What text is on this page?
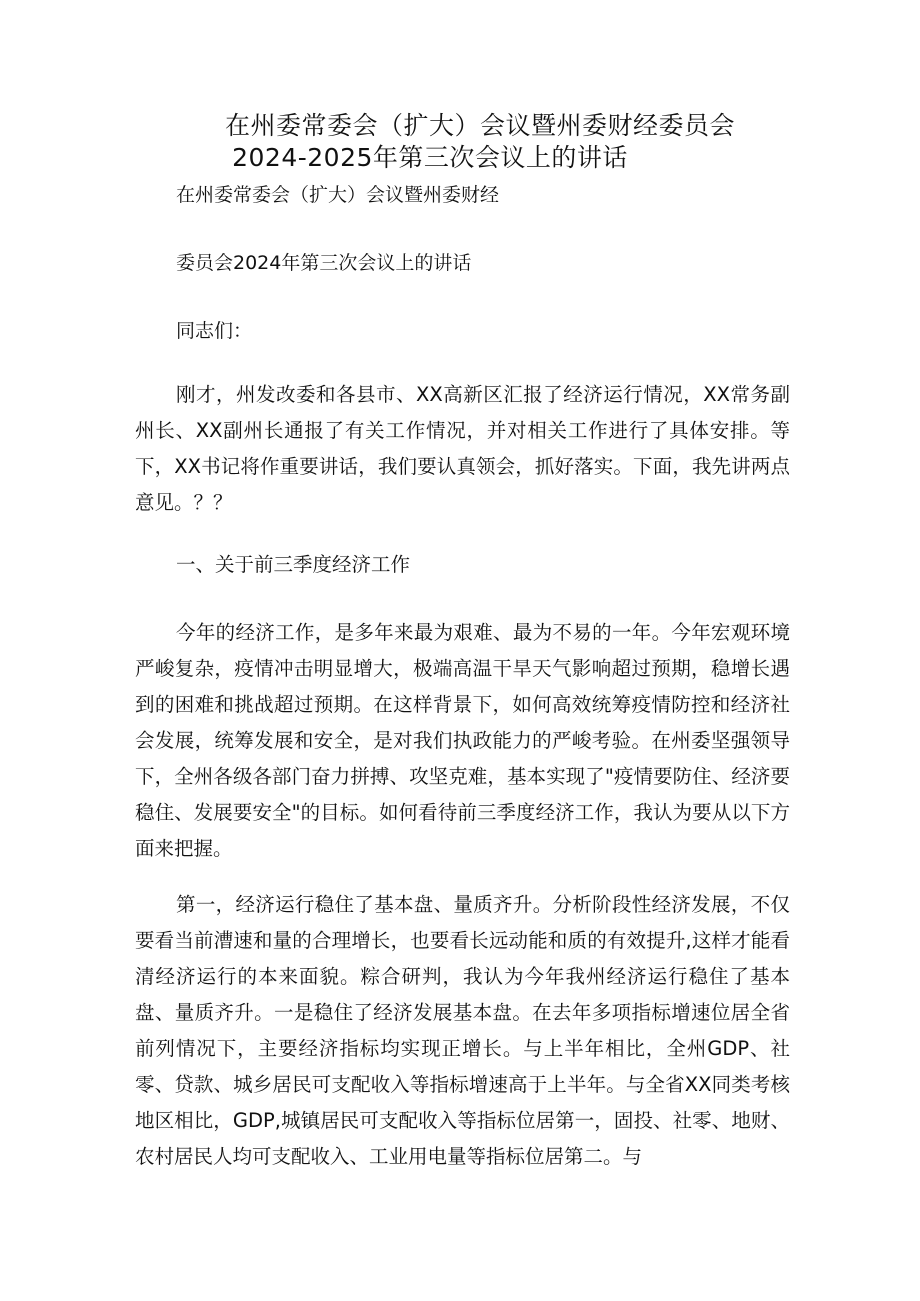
在州委常委会（扩大）会议暨州委财经委员会
2024-2025年第三次会议上的讲话
在州委常委会（扩大）会议暨州委财经
委员会2024年第三次会议上的讲话
同志们：
刚才，州发改委和各县市、XX高新区汇报了经济运行情况，XX常务副州长、XX副州长通报了有关工作情况，并对相关工作进行了具体安排。等下，XX书记将作重要讲话，我们要认真领会，抓好落实。下面，我先讲两点意见。？？
一、关于前三季度经济工作
今年的经济工作，是多年来最为艰难、最为不易的一年。今年宏观环境严峻复杂，疫情冲击明显增大，极端高温干旱天气影响超过预期，稳增长遇到的困难和挑战超过预期。在这样背景下，如何高效统筹疫情防控和经济社会发展，统筹发展和安全，是对我们执政能力的严峻考验。在州委坚强领导下，全州各级各部门奋力拼搏、攻坚克难，基本实现了"疫情要防住、经济要稳住、发展要安全"的目标。如何看待前三季度经济工作，我认为要从以下方面来把握。
第一，经济运行稳住了基本盘、量质齐升。分析阶段性经济发展，不仅要看当前漕速和量的合理增长，也要看长远动能和质的有效提升,这样才能看清经济运行的本来面貌。粽合研判，我认为今年我州经济运行稳住了基本盘、量质齐升。一是稳住了经济发展基本盘。在去年多项指标增速位居全省前列情况下，主要经济指标均实现正增长。与上半年相比，全州GDP、社零、贷款、城乡居民可支配收入等指标增速高于上半年。与全省XX同类考核地区相比，GDP,城镇居民可支配收入等指标位居第一，固投、社零、地财、农村居民人均可支配收入、工业用电量等指标位居第二。与
